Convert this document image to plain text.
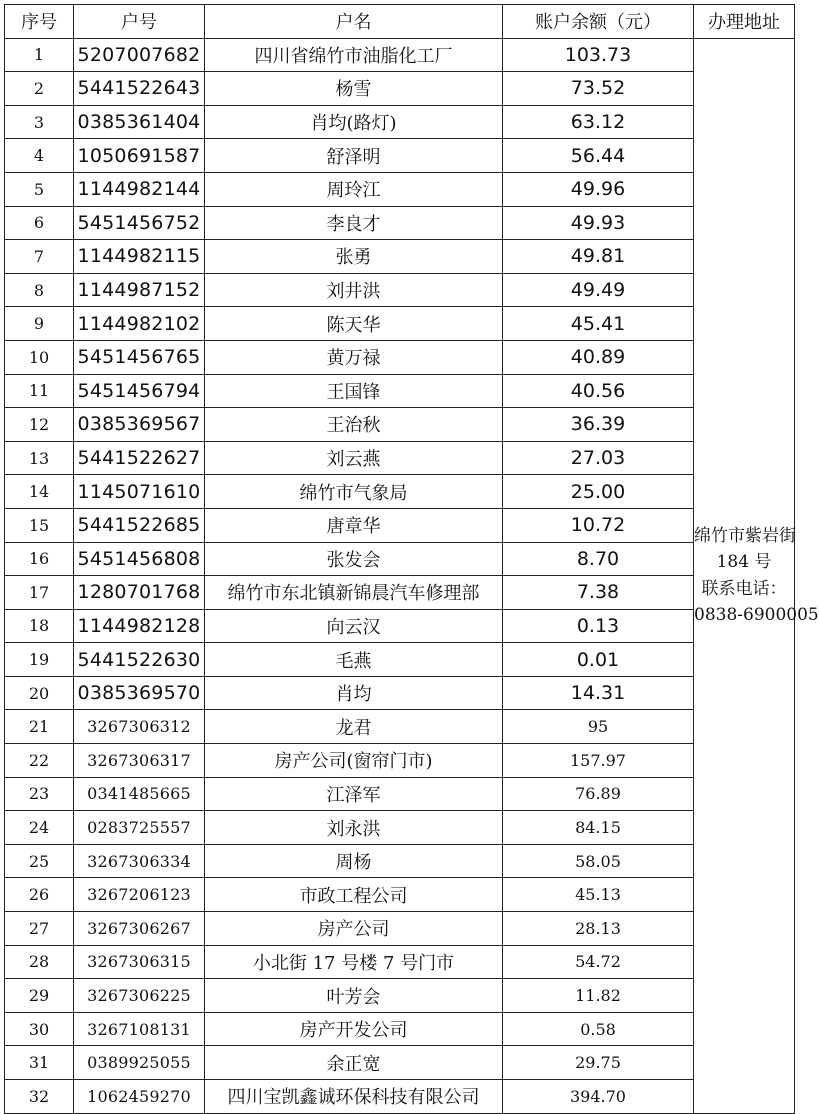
序号	户号	户名	账户余额（元）	办理地址
1	5207007682	四川省绵竹市油脂化工厂	103.73	绵竹市紫岩街
184 号
联系电话：
0838-6900005

2	5441522643	杨雪	73.52	
3	0385361404	肖均(路灯)	63.12	
4	1050691587	舒泽明	56.44	
5	1144982144	周玲江	49.96	
6	5451456752	李良才	49.93	
7	1144982115	张勇	49.81	
8	1144987152	刘井洪	49.49	
9	1144982102	陈天华	45.41	
10	5451456765	黄万禄	40.89	
11	5451456794	王国锋	40.56	
12	0385369567	王治秋	36.39	
13	5441522627	刘云燕	27.03	
14	1145071610	绵竹市气象局	25.00	
15	5441522685	唐章华	10.72	
16	5451456808	张发会	8.70	
17	1280701768	绵竹市东北镇新锦晨汽车修理部	7.38	
18	1144982128	向云汉	0.13	
19	5441522630	毛燕	0.01	
20	0385369570	肖均	14.31	
21	3267306312	龙君	95	
22	3267306317	房产公司(窗帘门市)	157.97	
23	0341485665	江泽军	76.89	
24	0283725557	刘永洪	84.15	
25	3267306334	周杨	58.05	
26	3267206123	市政工程公司	45.13	
27	3267306267	房产公司	28.13	
28	3267306315	小北街 17 号楼 7 号门市	54.72	
29	3267306225	叶芳会	11.82	
30	3267108131	房产开发公司	0.58	
31	0389925055	余正宽	29.75	
32	1062459270	四川宝凯鑫诚环保科技有限公司	394.70	
